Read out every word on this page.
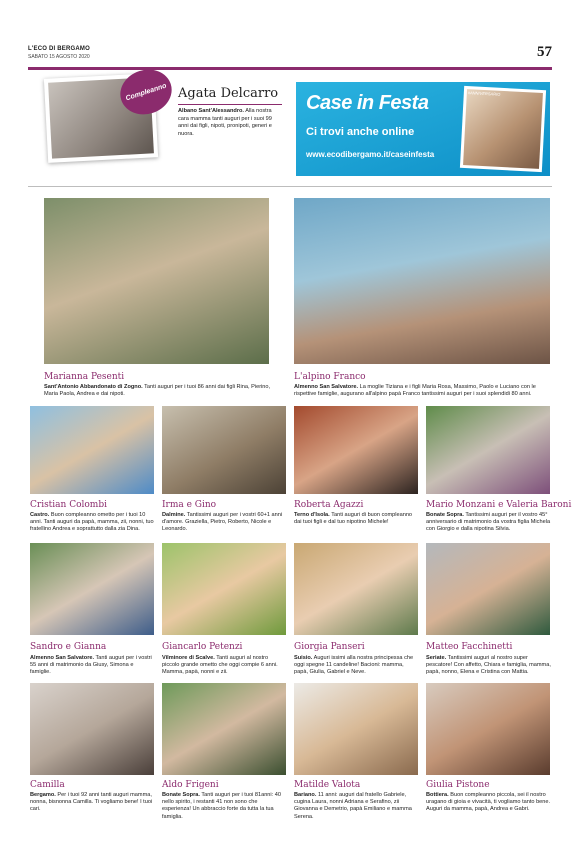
L'ECO DI BERGAMO
SABATO 15 AGOSTO 2020	57
Compleanno Agata Delcarro
Albano Sant'Alessandro. Alla nostra cara mamma tanti auguri per i suoi 99 anni dai figli, nipoti, pronipoti, generi e nuora.
Case in Festa
Ci trovi anche online
www.ecodibergamo.it/caseinfesta
#ANNIVERSARIO
Marianna Pesenti
Sant'Antonio Abbandonato di Zogno. Tanti auguri per i tuoi 86 anni dai figli Rina, Pierino, Maria Paola, Andrea e dai nipoti.
L'alpino Franco
Almenno San Salvatore. La moglie Tiziana e i figli Maria Rosa, Massimo, Paolo e Luciano con le rispettive famiglie, augurano all'alpino papà Franco tantissimi auguri per i suoi splendidi 80 anni.
Cristian Colombi
Castro. Buon compleanno ometto per i tuoi 10 anni. Tanti auguri da papà, mamma, zii, nonni, tuo fratellino Andrea e soprattutto dalla zia Dina.
Irma e Gino
Dalmine. Tantissimi auguri per i vostri 60+1 anni d'amore. Graziella, Pietro, Roberto, Nicole e Leonardo.
Roberta Agazzi
Terno d'Isola. Tanti auguri di buon compleanno dai tuoi figli e dal tuo nipotino Michele!
Mario Monzani e Valeria Baroni
Bonate Sopra. Tantissimi auguri per il vostro 45° anniversario di matrimonio da vostra figlia Michela con Giorgio e dalla nipotina Silvia.
Sandro e Gianna
Almenno San Salvatore. Tanti auguri per i vostri 55 anni di matrimonio da Giusy, Simona e famiglie.
Giancarlo Petenzi
Vilminore di Scalve. Tanti auguri al nostro piccolo grande ometto che oggi compie 6 anni. Mamma, papà, nonni e zii.
Giorgia Panseri
Suisio. Auguri issimi alla nostra principessa che oggi spegne 11 candeline! Bacioni: mamma, papà, Giulia, Gabriel e Neve.
Matteo Facchinetti
Seriate. Tantissimi auguri al nostro super pescatore! Con affetto, Chiara e famiglia, mamma, papà, nonno, Elena e Cristina con Mattia.
Camilla
Bergamo. Per i tuoi 92 anni tanti auguri mamma, nonna, bisnonna Camilla. Ti vogliamo bene! I tuoi cari.
Aldo Frigeni
Bonate Sopra. Tanti auguri per i tuoi 81anni: 40 nello spirito, i restanti 41 non sono che esperienza! Un abbraccio forte da tutta la tua famiglia.
Matilde Valota
Bariano. 11 anni: auguri dal fratello Gabriele, cugina Laura, nonni Adriana e Serafino, zii Giovanna e Demetrio, papà Emiliano e mamma Serena.
Giulia Pistone
Bottiera. Buon compleanno piccola, sei il nostro uragano di gioia e vivacità, ti vogliamo tanto bene. Auguri da mamma, papà, Andrea e Gabri.
